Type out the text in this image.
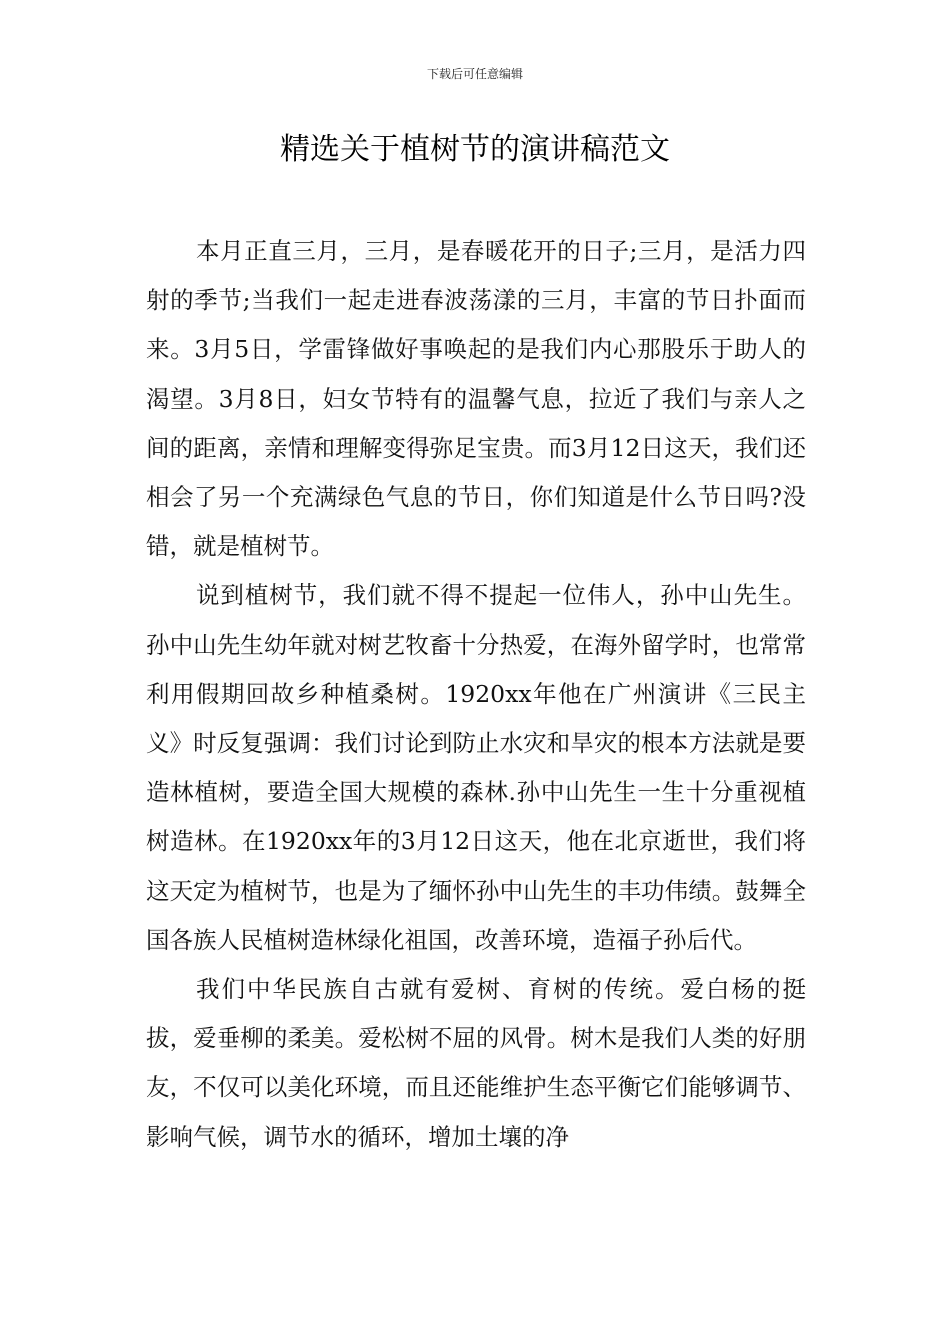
下载后可任意编辑
精选关于植树节的演讲稿范文

本月正直三月，三月，是春暖花开的日子;三月，是活力四射的季节;当我们一起走进春波荡漾的三月，丰富的节日扑面而来。3月5日，学雷锋做好事唤起的是我们内心那股乐于助人的渴望。3月8日，妇女节特有的温馨气息，拉近了我们与亲人之间的距离，亲情和理解变得弥足宝贵。而3月12日这天，我们还相会了另一个充满绿色气息的节日，你们知道是什么节日吗?没错，就是植树节。

说到植树节，我们就不得不提起一位伟人，孙中山先生。孙中山先生幼年就对树艺牧畜十分热爱，在海外留学时，也常常利用假期回故乡种植桑树。1920xx年他在广州演讲《三民主义》时反复强调：我们讨论到防止水灾和旱灾的根本方法就是要造林植树，要造全国大规模的森林.孙中山先生一生十分重视植树造林。在1920xx年的3月12日这天，他在北京逝世，我们将这天定为植树节，也是为了缅怀孙中山先生的丰功伟绩。鼓舞全国各族人民植树造林绿化祖国，改善环境，造福子孙后代。

我们中华民族自古就有爱树、育树的传统。爱白杨的挺拔，爱垂柳的柔美。爱松树不屈的风骨。树木是我们人类的好朋友，不仅可以美化环境，而且还能维护生态平衡它们能够调节、影响气候，调节水的循环，增加土壤的净
